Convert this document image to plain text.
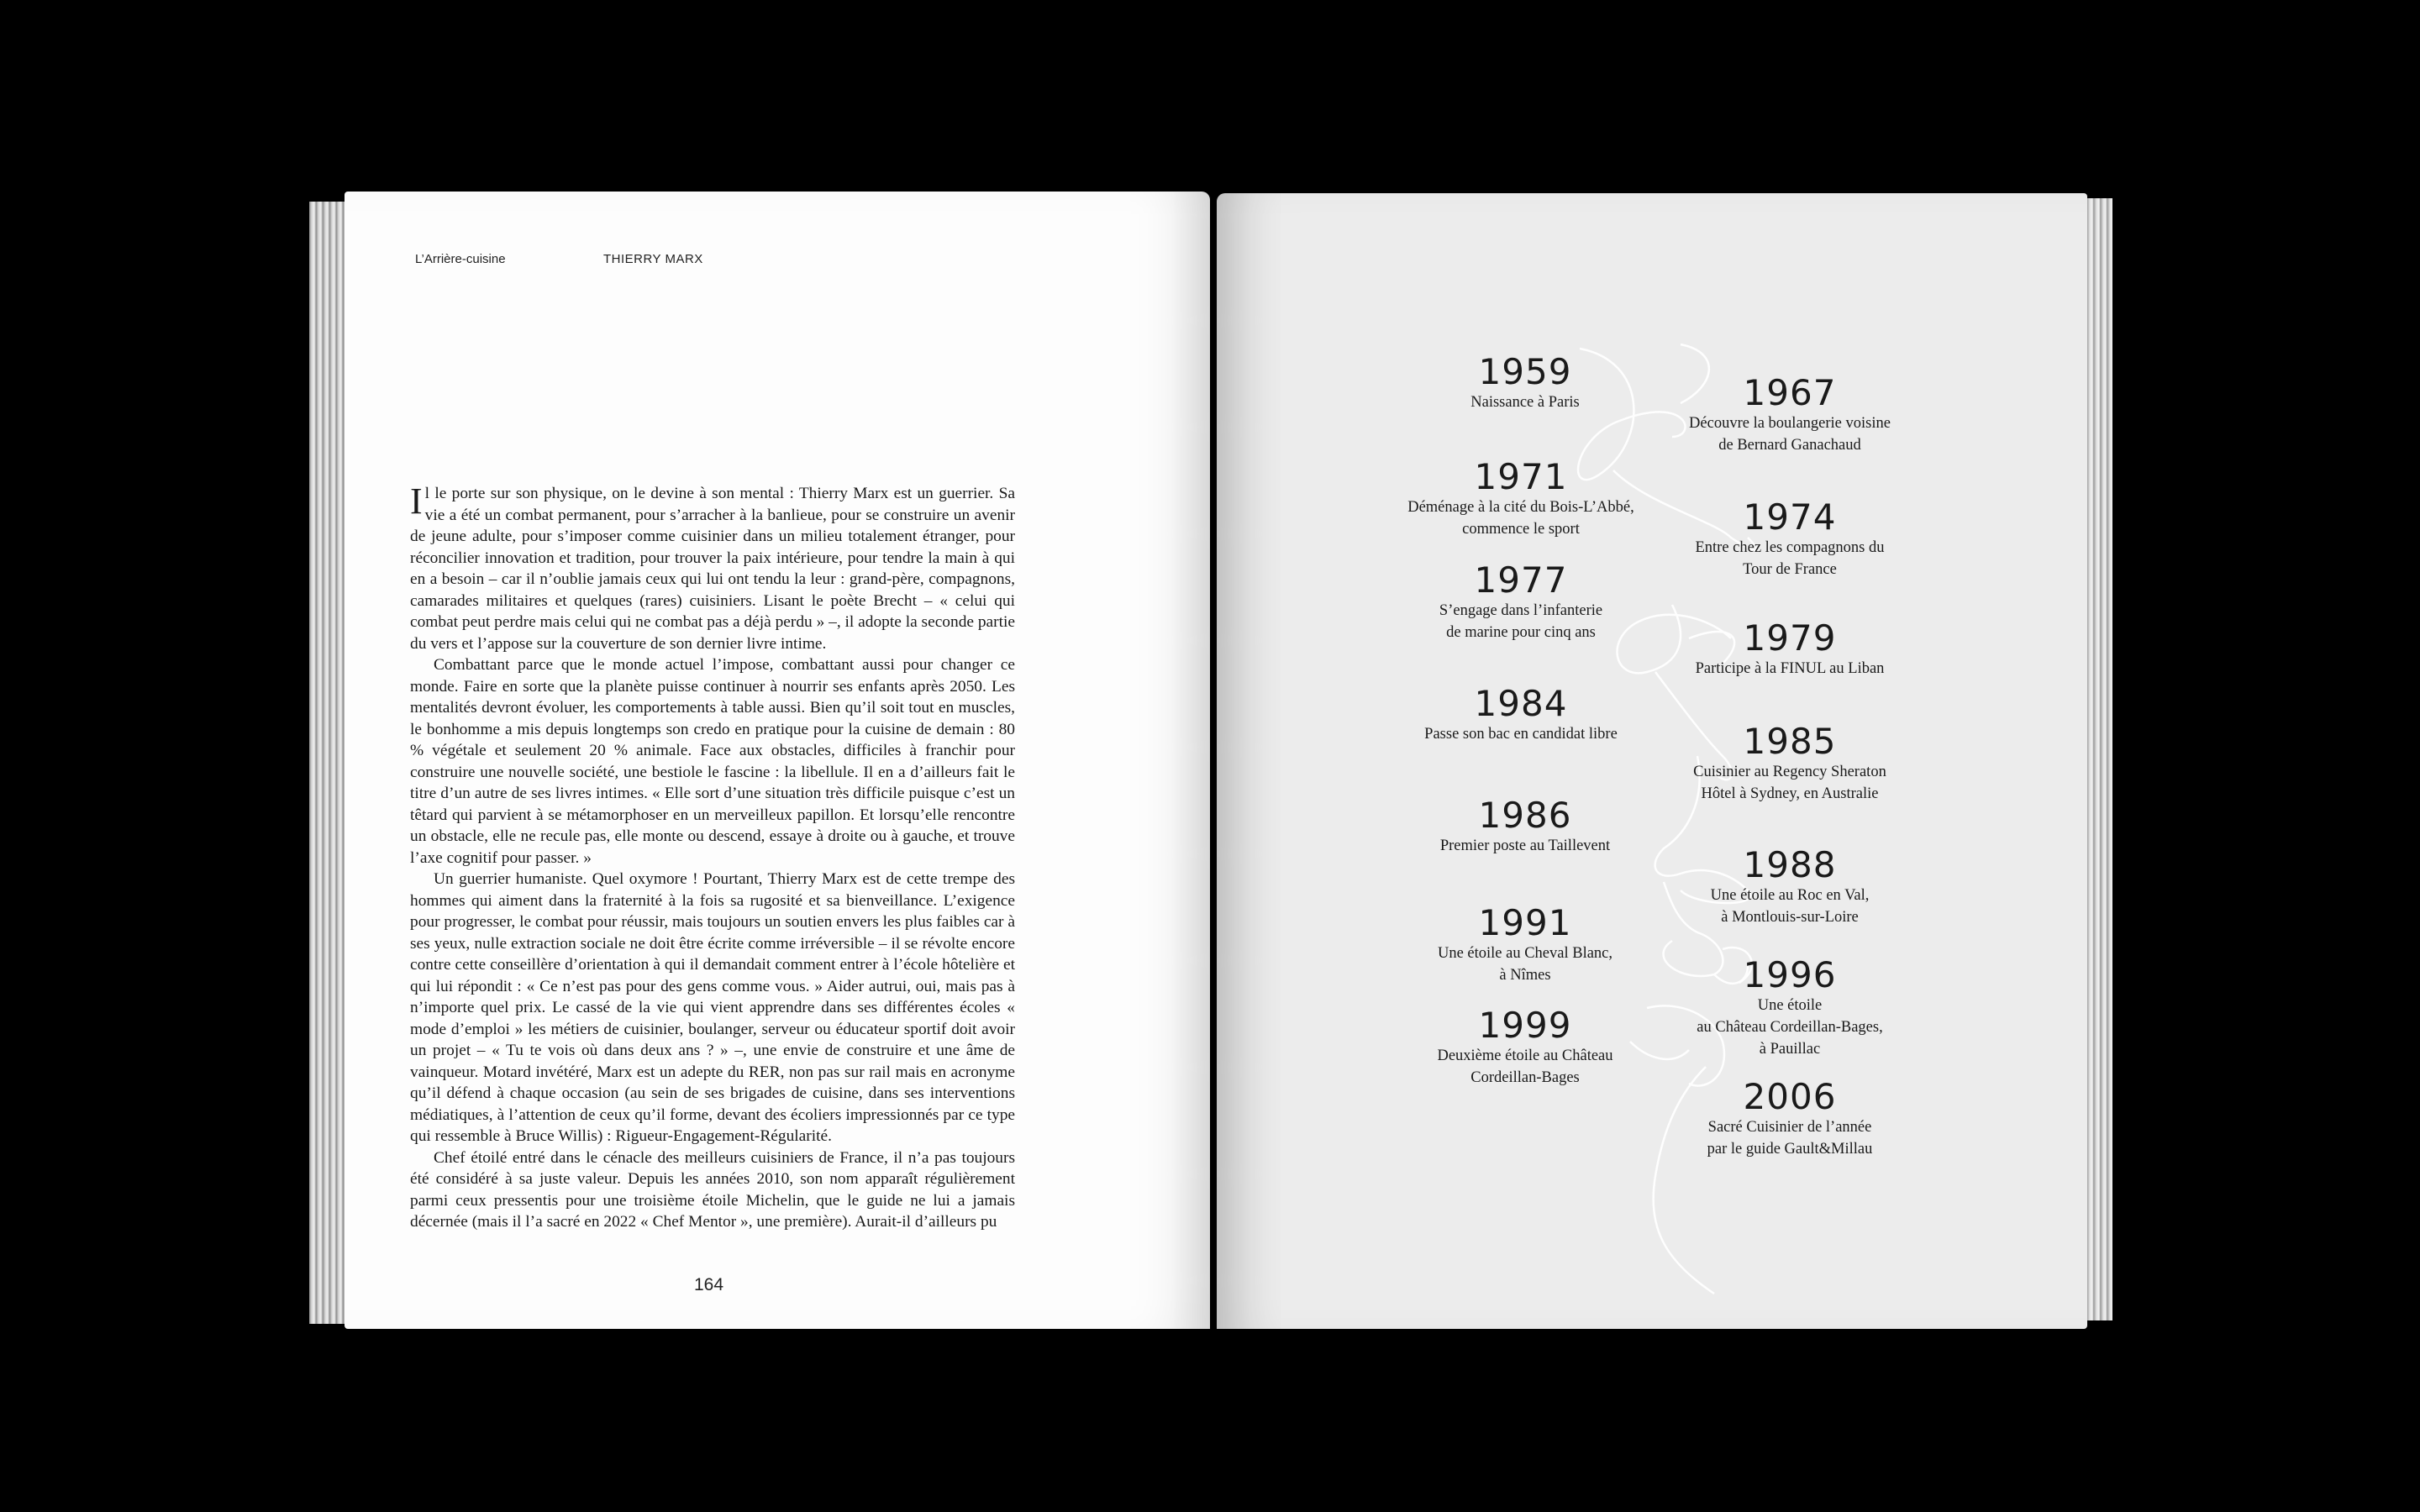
L’Arrière-cuisine	THIERRY MARX

Il le porte sur son physique, on le devine à son mental : Thierry Marx est un guerrier. Sa vie a été un combat permanent, pour s’arracher à la banlieue, pour se construire un avenir de jeune adulte, pour s’imposer comme cuisinier dans un milieu totalement étranger, pour réconcilier innovation et tradition, pour trouver la paix intérieure, pour tendre la main à qui en a besoin – car il n’oublie jamais ceux qui lui ont tendu la leur : grand-père, compagnons, camarades militaires et quelques (rares) cuisiniers. Lisant le poète Brecht – « celui qui combat peut perdre mais celui qui ne combat pas a déjà perdu » –, il adopte la seconde partie du vers et l’appose sur la couverture de son dernier livre intime.

Combattant parce que le monde actuel l’impose, combattant aussi pour changer ce monde. Faire en sorte que la planète puisse continuer à nourrir ses enfants après 2050. Les mentalités devront évoluer, les comportements à table aussi. Bien qu’il soit tout en muscles, le bonhomme a mis depuis longtemps son credo en pratique pour la cuisine de demain : 80 % végétale et seulement 20 % animale. Face aux obstacles, difficiles à franchir pour construire une nouvelle société, une bestiole le fascine : la libellule. Il en a d’ailleurs fait le titre d’un autre de ses livres intimes. « Elle sort d’une situation très difficile puisque c’est un têtard qui parvient à se métamorphoser en un merveilleux papillon. Et lorsqu’elle rencontre un obstacle, elle ne recule pas, elle monte ou descend, essaye à droite ou à gauche, et trouve l’axe cognitif pour passer. »

Un guerrier humaniste. Quel oxymore ! Pourtant, Thierry Marx est de cette trempe des hommes qui aiment dans la fraternité à la fois sa rugosité et sa bienveillance. L’exigence pour progresser, le combat pour réussir, mais toujours un soutien envers les plus faibles car à ses yeux, nulle extraction sociale ne doit être écrite comme irréversible – il se révolte encore contre cette conseillère d’orientation à qui il demandait comment entrer à l’école hôtelière et qui lui répondit : « Ce n’est pas pour des gens comme vous. » Aider autrui, oui, mais pas à n’importe quel prix. Le cassé de la vie qui vient apprendre dans ses différentes écoles « mode d’emploi » les métiers de cuisinier, boulanger, serveur ou éducateur sportif doit avoir un projet – « Tu te vois où dans deux ans ? » –, une envie de construire et une âme de vainqueur. Motard invétéré, Marx est un adepte du RER, non pas sur rail mais en acronyme qu’il défend à chaque occasion (au sein de ses brigades de cuisine, dans ses interventions médiatiques, à l’attention de ceux qu’il forme, devant des écoliers impressionnés par ce type qui ressemble à Bruce Willis) : Rigueur-Engagement-Régularité.

Chef étoilé entré dans le cénacle des meilleurs cuisiniers de France, il n’a pas toujours été considéré à sa juste valeur. Depuis les années 2010, son nom apparaît régulièrement parmi ceux pressentis pour une troisième étoile Michelin, que le guide ne lui a jamais décernée (mais il l’a sacré en 2022 « Chef Mentor », une première). Aurait-il d’ailleurs pu

164
1959
Naissance à Paris	1967
Découvre la boulangerie voisine
de Bernard Ganachaud
1971
Déménage à la cité du Bois-L’Abbé,
commence le sport	1974
Entre chez les compagnons du
Tour de France
1977
S’engage dans l’infanterie
de marine pour cinq ans	1979
Participe à la FINUL au Liban
1984
Passe son bac en candidat libre	1985
Cuisinier au Regency Sheraton
Hôtel à Sydney, en Australie
1986
Premier poste au Taillevent	1988
Une étoile au Roc en Val,
à Montlouis-sur-Loire
1991
Une étoile au Cheval Blanc,
à Nîmes	1996
Une étoile
au Château Cordeillan-Bages,
à Pauillac
1999
Deuxième étoile au Château
Cordeillan-Bages	2006
Sacré Cuisinier de l’année
par le guide Gault&Millau
